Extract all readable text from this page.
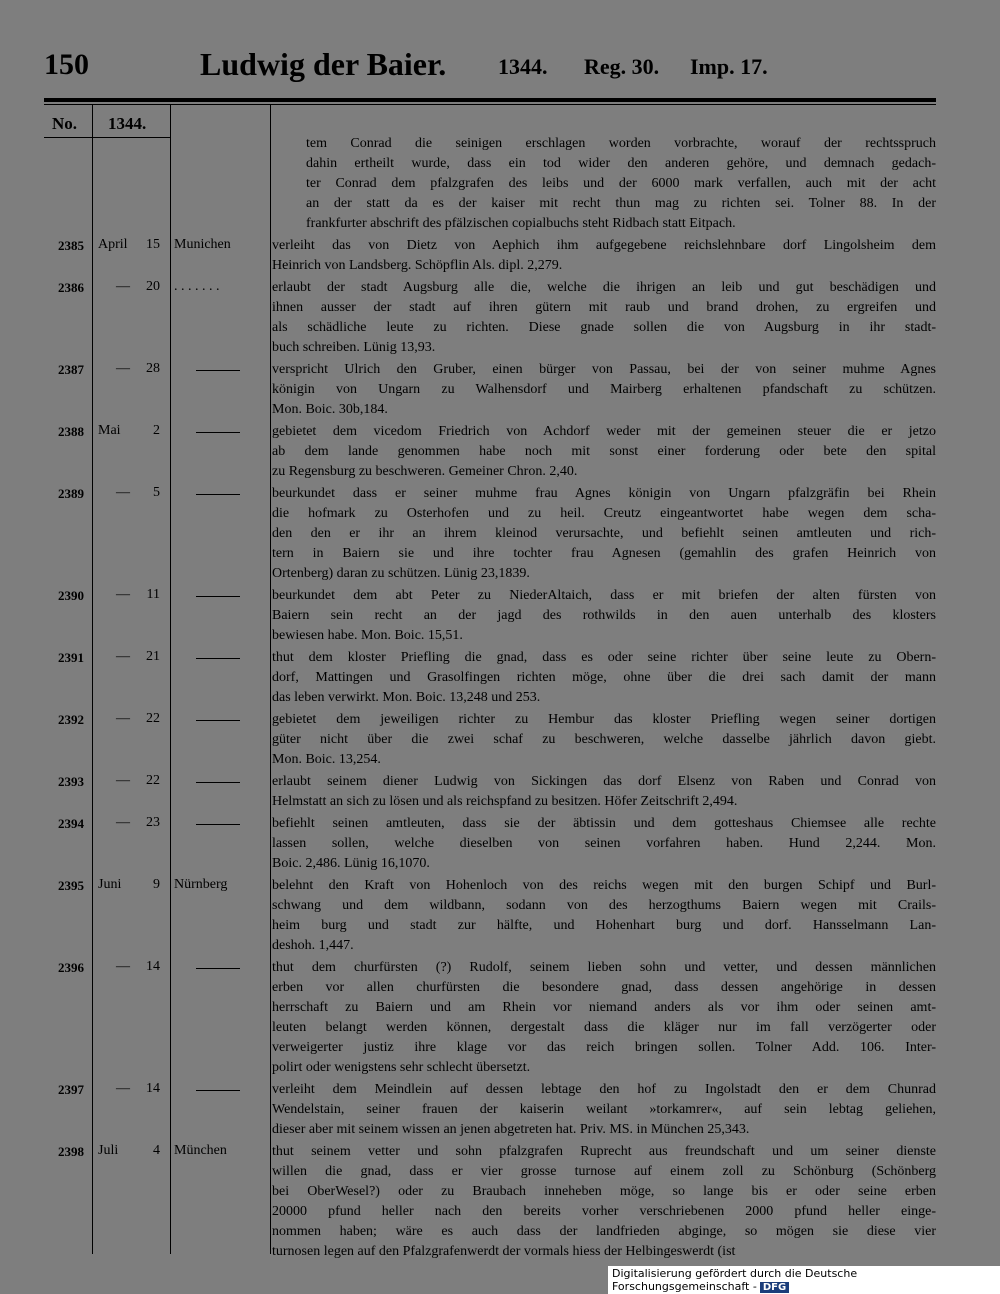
150	Ludwig der Baier. 1344. Reg. 30. Imp. 17.
No. 1344.

tem Conrad die seinigen erschlagen worden vorbrachte, worauf der rechtsspruch

dahin ertheilt wurde, dass ein tod wider den anderen gehöre, und demnach gedach-

ter Conrad dem pfalzgrafen des leibs und der 6000 mark verfallen, auch mit der acht

an der statt da es der kaiser mit recht thun mag zu richten sei. Tolner 88. In der

frankfurter abschrift des pfälzischen copialbuchs steht Ridbach statt Eitpach.

2385 April 15 Munichen	verleiht das von Dietz von Aephich ihm aufgegebene reichslehnbare dorf Lingolsheim dem

Heinrich von Landsberg. Schöpflin Als. dipl. 2,279.

2386 — 20 . . . . . . .	erlaubt der stadt Augsburg alle die, welche die ihrigen an leib und gut beschädigen und

ihnen ausser der stadt auf ihren gütern mit raub und brand drohen, zu ergreifen und

als schädliche leute zu richten. Diese gnade sollen die von Augsburg in ihr stadt-

buch schreiben. Lünig 13,93.

2387 — 28	verspricht Ulrich den Gruber, einen bürger von Passau, bei der von seiner muhme Agnes

königin von Ungarn zu Walhensdorf und Mairberg erhaltenen pfandschaft zu schützen.

Mon. Boic. 30b,184.

2388 Mai 2	gebietet dem vicedom Friedrich von Achdorf weder mit der gemeinen steuer die er jetzo

ab dem lande genommen habe noch mit sonst einer forderung oder bete den spital

zu Regensburg zu beschweren. Gemeiner Chron. 2,40.

2389 — 5	beurkundet dass er seiner muhme frau Agnes königin von Ungarn pfalzgräfin bei Rhein

die hofmark zu Osterhofen und zu heil. Creutz eingeantwortet habe wegen dem scha-

den den er ihr an ihrem kleinod verursachte, und befiehlt seinen amtleuten und rich-

tern in Baiern sie und ihre tochter frau Agnesen (gemahlin des grafen Heinrich von

Ortenberg) daran zu schützen. Lünig 23,1839.

2390 — 11	beurkundet dem abt Peter zu NiederAltaich, dass er mit briefen der alten fürsten von

Baiern sein recht an der jagd des rothwilds in den auen unterhalb des klosters

bewiesen habe. Mon. Boic. 15,51.

2391 — 21	thut dem kloster Priefling die gnad, dass es oder seine richter über seine leute zu Obern-

dorf, Mattingen und Grasolfingen richten möge, ohne über die drei sach damit der mann

das leben verwirkt. Mon. Boic. 13,248 und 253.

2392 — 22	gebietet dem jeweiligen richter zu Hembur das kloster Priefling wegen seiner dortigen

güter nicht über die zwei schaf zu beschweren, welche dasselbe jährlich davon giebt.

Mon. Boic. 13,254.

2393 — 22	erlaubt seinem diener Ludwig von Sickingen das dorf Elsenz von Raben und Conrad von

Helmstatt an sich zu lösen und als reichspfand zu besitzen. Höfer Zeitschrift 2,494.

2394 — 23	befiehlt seinen amtleuten, dass sie der äbtissin und dem gotteshaus Chiemsee alle rechte

lassen sollen, welche dieselben von seinen vorfahren haben. Hund 2,244. Mon.

Boic. 2,486. Lünig 16,1070.

2395 Juni 9 Nürnberg	belehnt den Kraft von Hohenloch von des reichs wegen mit den burgen Schipf und Burl-

schwang und dem wildbann, sodann von des herzogthums Baiern wegen mit Crails-

heim burg und stadt zur hälfte, und Hohenhart burg und dorf. Hansselmann Lan-

deshoh. 1,447.

2396 — 14	thut dem churfürsten (?) Rudolf, seinem lieben sohn und vetter, und dessen männlichen

erben vor allen churfürsten die besondere gnad, dass dessen angehörige in dessen

herrschaft zu Baiern und am Rhein vor niemand anders als vor ihm oder seinen amt-

leuten belangt werden können, dergestalt dass die kläger nur im fall verzögerter oder

verweigerter justiz ihre klage vor das reich bringen sollen. Tolner Add. 106. Inter-

polirt oder wenigstens sehr schlecht übersetzt.

2397 — 14	verleiht dem Meindlein auf dessen lebtage den hof zu Ingolstadt den er dem Chunrad

Wendelstain, seiner frauen der kaiserin weilant »torkamrer«, auf sein lebtag geliehen,

dieser aber mit seinem wissen an jenen abgetreten hat. Priv. MS. in München 25,343.

2398 Juli 4 München	thut seinem vetter und sohn pfalzgrafen Ruprecht aus freundschaft und um seiner dienste

willen die gnad, dass er vier grosse turnose auf einem zoll zu Schönburg (Schönberg

bei OberWesel?) oder zu Braubach inneheben möge, so lange bis er oder seine erben

20000 pfund heller nach den bereits vorher verschriebenen 2000 pfund heller einge-

nommen haben; wäre es auch dass der landfrieden abginge, so mögen sie diese vier

turnosen legen auf den Pfalzgrafenwerdt der vormals hiess der Helbingeswerdt (ist

Digitalisierung gefördert durch die Deutsche Forschungsgemeinschaft - DFG
